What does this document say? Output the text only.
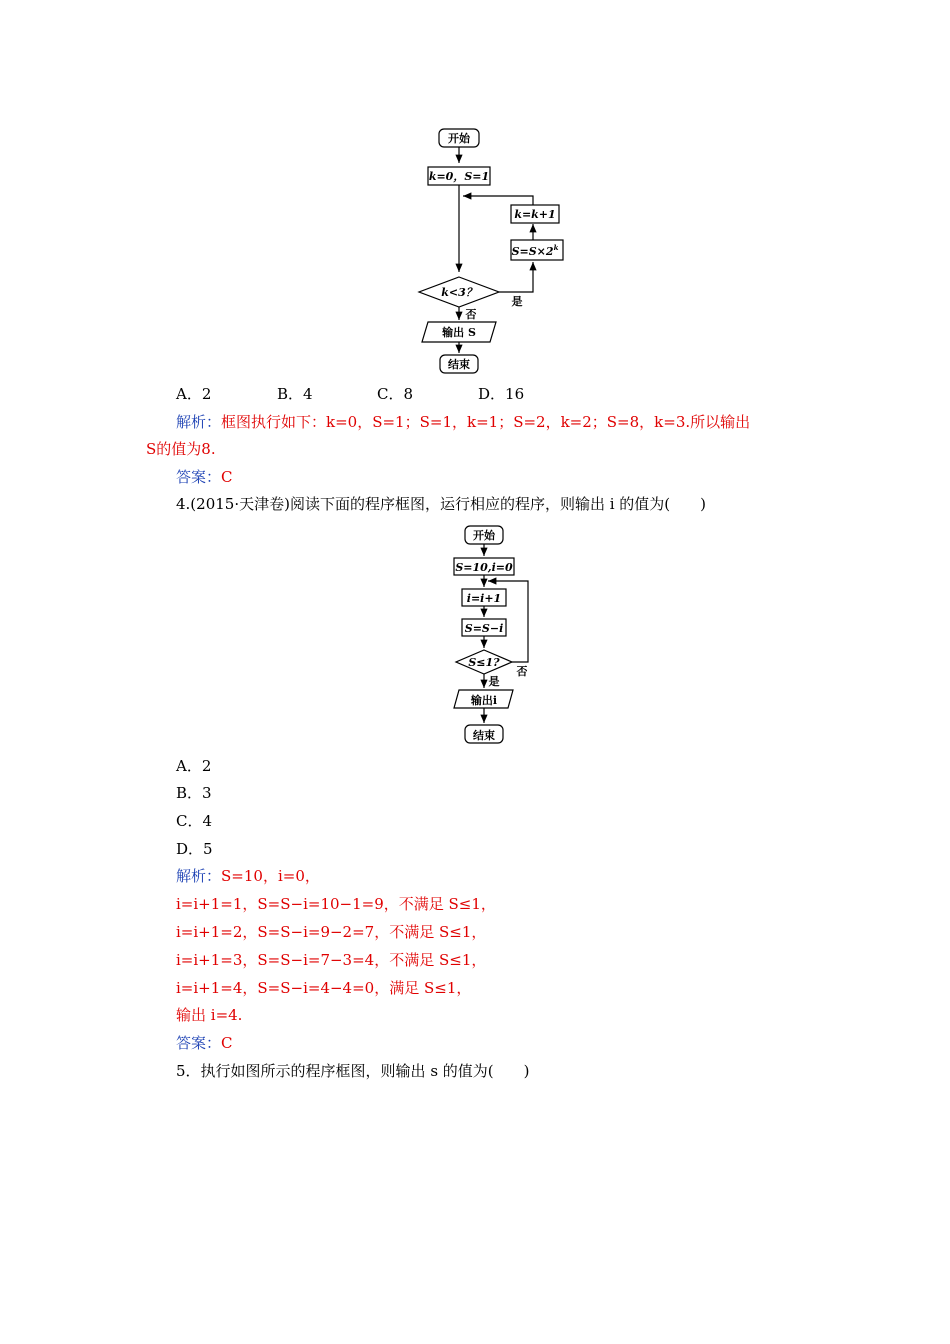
开始
k=0，S=1
k=k+1
$S=S\times 2^k$
k<3？
是
否
输出 S
结束
A．2	B．4	C．8	D．16
解析：框图执行如下：k=0，S=1；S=1，k=1；S=2，k=2；S=8，k=3.所以输出
S的值为8.
答案：C
4.(2015·天津卷)阅读下面的程序框图，运行相应的程序，则输出 i 的值为(　　)
开始
S=10,i=0
i=i+1
S=S−i
S≤1?
否
是
输出i
结束
A．2
B．3
C．4
D．5
解析：S=10，i=0，
i=i+1=1，S=S−i=10−1=9，不满足 S≤1，
i=i+1=2，S=S−i=9−2=7，不满足 S≤1，
i=i+1=3，S=S−i=7−3=4，不满足 S≤1，
i=i+1=4，S=S−i=4−4=0，满足 S≤1，
输出 i=4.
答案：C
5．执行如图所示的程序框图，则输出 s 的值为(　　)
